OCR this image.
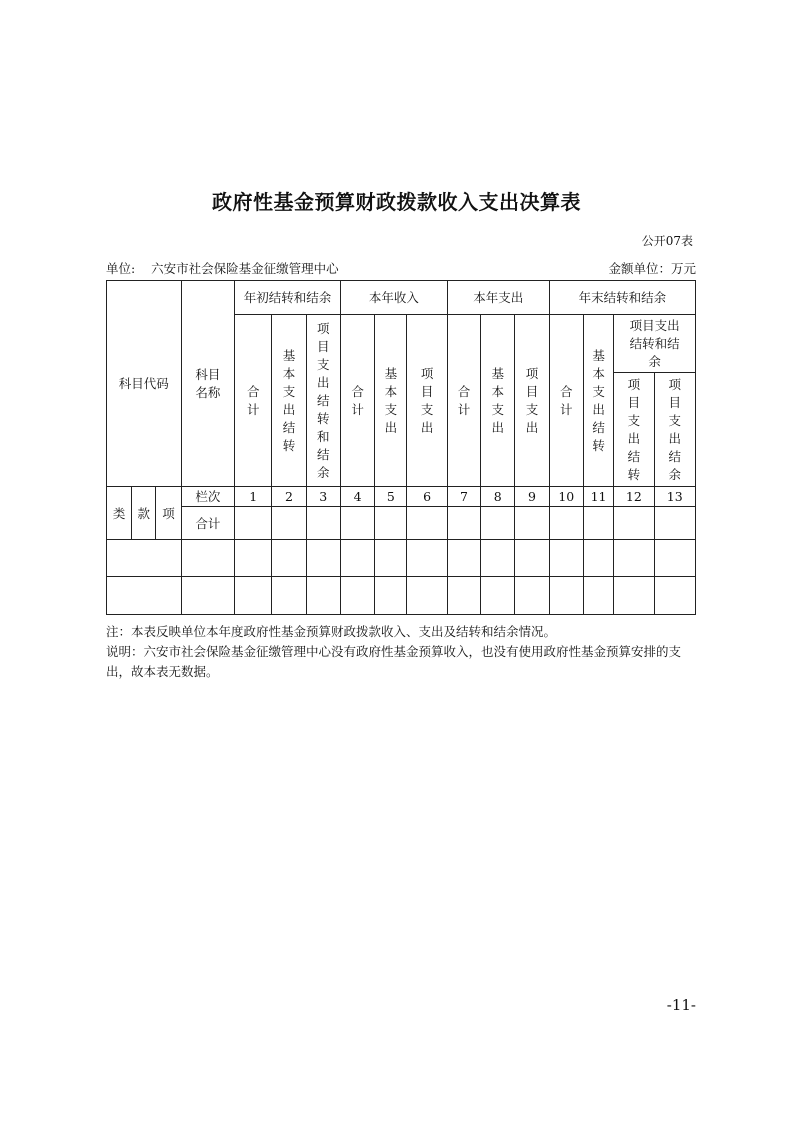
政府性基金预算财政拨款收入支出决算表
公开07表
单位: 六安市社会保险基金征缴管理中心	金额单位：万元
科目代码			科目名称	年初结转和结余			本年收入			本年支出			年末结转和结余			
				合计	基本支出结转	项目支出结转和结余	合计	基本支出	项目支出	合计	基本支出	项目支出	合计	基本支出结转	项目支出结转和结余	
															项目支出结转	项目支出结余
类	款	项	栏次	1	2	3	4	5	6	7	8	9	10	11	12	13
			合计													

注：本表反映单位本年度政府性基金预算财政拨款收入、支出及结转和结余情况。

说明：六安市社会保险基金征缴管理中心没有政府性基金预算收入，也没有使用政府性基金预算安排的支出，故本表无数据。

-11-
